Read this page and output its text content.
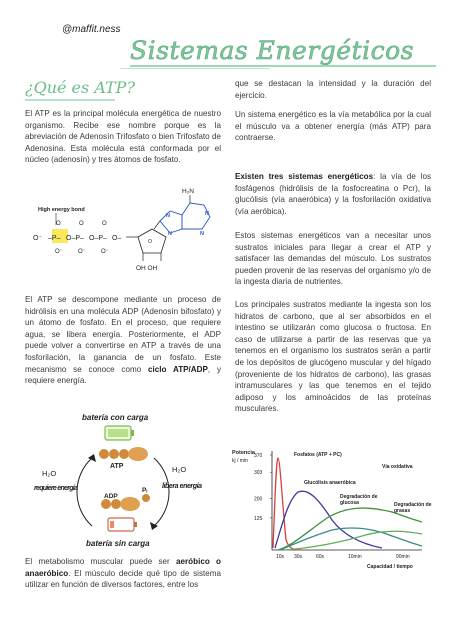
@maffit.ness
Sistemas Energéticos
¿Qué es ATP?
El ATP es la principal molécula energética de nuestro organismo. Recibe ese nombre porque es la abreviación de Adenosín Trifosfato o bien Trifosfato de Adenosina. Esta molécula está conformada por el núcleo (adenosín) y tres átomos de fosfato.
High energy bond
O⁻ –P– O–P– O–P– O–
O	O	O
O⁻	O⁻	O⁻
O
OH OH
N
N
N
N
H₂N
El ATP se descompone mediante un proceso de hidrólisis en una molécula ADP (Adenosín bifosfato) y un átomo de fosfato. En el proceso, que requiere agua, se libera energía. Posteriormente, el ADP puede volver a convertirse en ATP a través de una fosforilación, la ganancia de un fosfato. Este mecanismo se conoce como ciclo ATP/ADP, y requiere energía.
batería con carga
ATP
H₂O
requiere energía
H₂O
libera energía
ADP
Pᵢ
batería sin carga
El metabolismo muscular puede ser aeróbico o anaeróbico. El músculo decide qué tipo de sistema utilizar en función de diversos factores, entre los
que se destacan la intensidad y la duración del ejercicio.
Un sistema energético es la vía metabólica por la cual el músculo va a obtener energía (más ATP) para contraerse.
Existen tres sistemas energéticos: la vía de los fosfágenos (hidrólisis de la fosfocreatina o Pcr), la glucólisis (vía anaeróbica) y la fosforilación oxidativa (vía aeróbica).
Estos sistemas energéticos van a necesitar unos sustratos iniciales para llegar a crear el ATP y satisfacer las demandas del músculo. Los sustratos pueden provenir de las reservas del organismo y/o de la ingesta diaria de nutrientes.
Los principales sustratos mediante la ingesta son los hidratos de carbono, que al ser absorbidos en el intestino se utilizarán como glucosa o fructosa. En caso de utilizarse a partir de las reservas que ya tenemos en el organismo los sustratos serán a partir de los depósitos de glucógeno muscular y del hígado (proveniente de los hidratos de carbono), las grasas intramusculares y las que tenemos en el tejido adiposo y los aminoácidos de las proteínas musculares.
Potencia
kj / min
125
200
303
370
10s 30s	60s	10min	90min
Capacidad / tiempo
Fosfatos (ATP + PC)
Glucólisis anaeróbica
Vía oxidativa
Degradación de glucosa	Degradación de grasas
